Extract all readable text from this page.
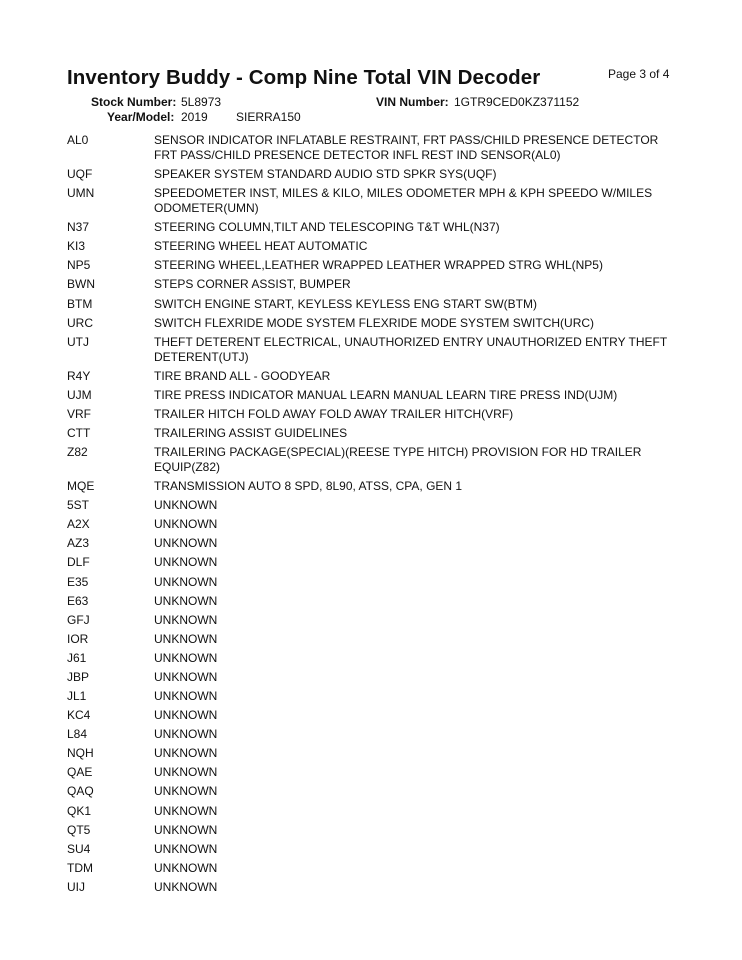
Inventory Buddy - Comp Nine Total VIN Decoder	Page 3 of 4
Stock Number: 5L8973	VIN Number: 1GTR9CED0KZ371152
Year/Model: 2019 SIERRA150
AL0	SENSOR INDICATOR INFLATABLE RESTRAINT, FRT PASS/CHILD PRESENCE DETECTOR FRT PASS/CHILD PRESENCE DETECTOR INFL REST IND SENSOR(AL0)
UQF	SPEAKER SYSTEM STANDARD AUDIO STD SPKR SYS(UQF)
UMN	SPEEDOMETER INST, MILES & KILO, MILES ODOMETER MPH & KPH SPEEDO W/MILES ODOMETER(UMN)
N37	STEERING COLUMN,TILT AND TELESCOPING T&T WHL(N37)
KI3	STEERING WHEEL HEAT AUTOMATIC
NP5	STEERING WHEEL,LEATHER WRAPPED LEATHER WRAPPED STRG WHL(NP5)
BWN	STEPS CORNER ASSIST, BUMPER
BTM	SWITCH ENGINE START, KEYLESS KEYLESS ENG START SW(BTM)
URC	SWITCH FLEXRIDE MODE SYSTEM FLEXRIDE MODE SYSTEM SWITCH(URC)
UTJ	THEFT DETERENT ELECTRICAL, UNAUTHORIZED ENTRY UNAUTHORIZED ENTRY THEFT DETERENT(UTJ)
R4Y	TIRE BRAND ALL - GOODYEAR
UJM	TIRE PRESS INDICATOR MANUAL LEARN MANUAL LEARN TIRE PRESS IND(UJM)
VRF	TRAILER HITCH FOLD AWAY FOLD AWAY TRAILER HITCH(VRF)
CTT	TRAILERING ASSIST GUIDELINES
Z82	TRAILERING PACKAGE(SPECIAL)(REESE TYPE HITCH) PROVISION FOR HD TRAILER EQUIP(Z82)
MQE	TRANSMISSION AUTO 8 SPD, 8L90, ATSS, CPA, GEN 1
5ST	UNKNOWN
A2X	UNKNOWN
AZ3	UNKNOWN
DLF	UNKNOWN
E35	UNKNOWN
E63	UNKNOWN
GFJ	UNKNOWN
IOR	UNKNOWN
J61	UNKNOWN
JBP	UNKNOWN
JL1	UNKNOWN
KC4	UNKNOWN
L84	UNKNOWN
NQH	UNKNOWN
QAE	UNKNOWN
QAQ	UNKNOWN
QK1	UNKNOWN
QT5	UNKNOWN
SU4	UNKNOWN
TDM	UNKNOWN
UIJ	UNKNOWN
